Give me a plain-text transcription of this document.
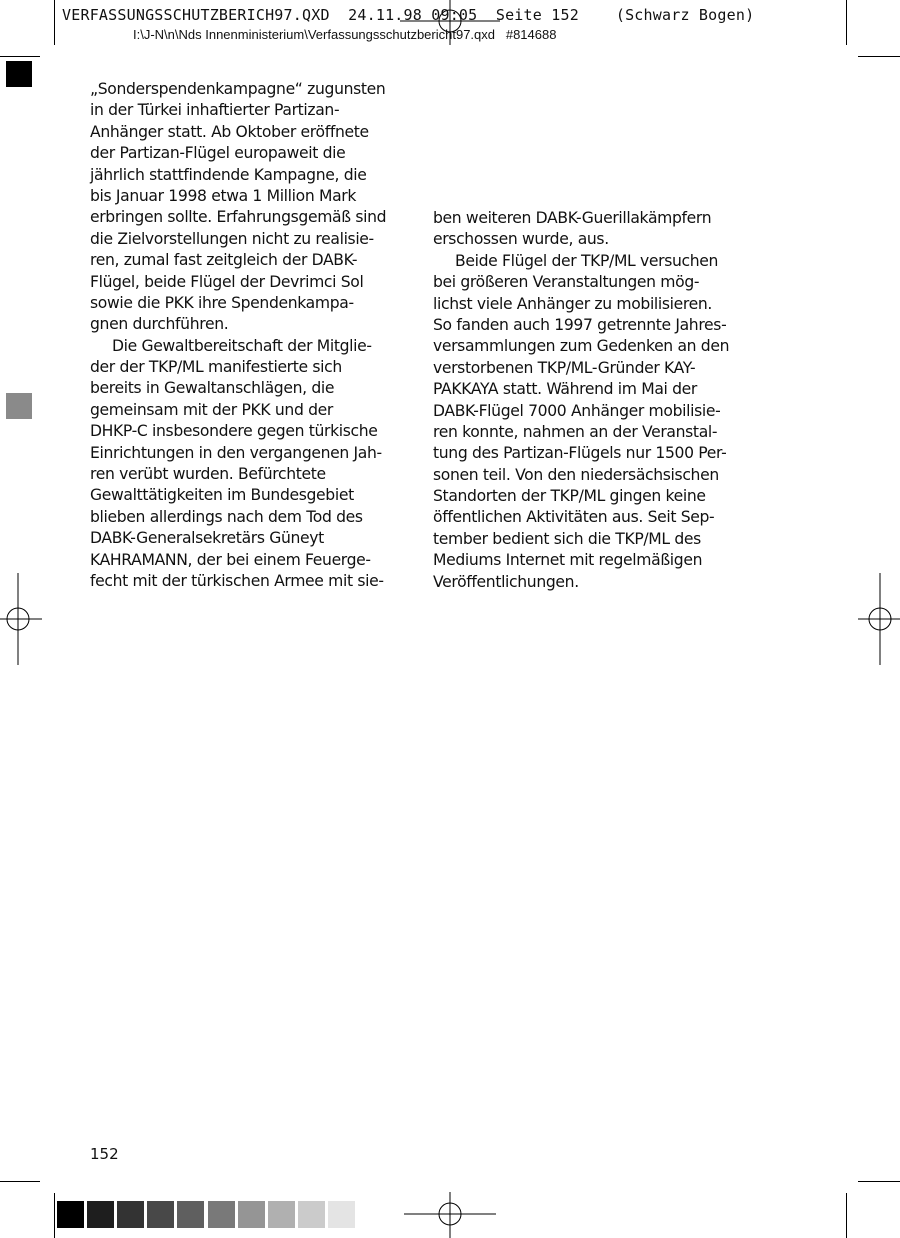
VERFASSUNGSSCHUTZBERICH97.QXD  24.11.98 09:05  Seite 152    (Schwarz Bogen)
I:\J-N\n\Nds Innenministerium\Verfassungsschutzbericht97.qxd   #814688
„Sonderspendenkampagne“ zugunsten
in der Türkei inhaftierter Partizan-
Anhänger statt. Ab Oktober eröffnete
der Partizan-Flügel europaweit die
jährlich stattfindende Kampagne, die
bis Januar 1998 etwa 1 Million Mark
erbringen sollte. Erfahrungsgemäß sind
die Zielvorstellungen nicht zu realisie-
ren, zumal fast zeitgleich der DABK-
Flügel, beide Flügel der Devrimci Sol
sowie die PKK ihre Spendenkampa-
gnen durchführen.
Die Gewaltbereitschaft der Mitglie-
der der TKP/ML manifestierte sich
bereits in Gewaltanschlägen, die
gemeinsam mit der PKK und der
DHKP-C insbesondere gegen türkische
Einrichtungen in den vergangenen Jah-
ren verübt wurden. Befürchtete
Gewalttätigkeiten im Bundesgebiet
blieben allerdings nach dem Tod des
DABK-Generalsekretärs Güneyt
KAHRAMANN, der bei einem Feuerge-
fecht mit der türkischen Armee mit sie-
ben weiteren DABK-Guerillakämpfern
erschossen wurde, aus.
Beide Flügel der TKP/ML versuchen
bei größeren Veranstaltungen mög-
lichst viele Anhänger zu mobilisieren.
So fanden auch 1997 getrennte Jahres-
versammlungen zum Gedenken an den
verstorbenen TKP/ML-Gründer KAY-
PAKKAYA statt. Während im Mai der
DABK-Flügel 7000 Anhänger mobilisie-
ren konnte, nahmen an der Veranstal-
tung des Partizan-Flügels nur 1500 Per-
sonen teil. Von den niedersächsischen
Standorten der TKP/ML gingen keine
öffentlichen Aktivitäten aus. Seit Sep-
tember bedient sich die TKP/ML des
Mediums Internet mit regelmäßigen
Veröffentlichungen.
152
